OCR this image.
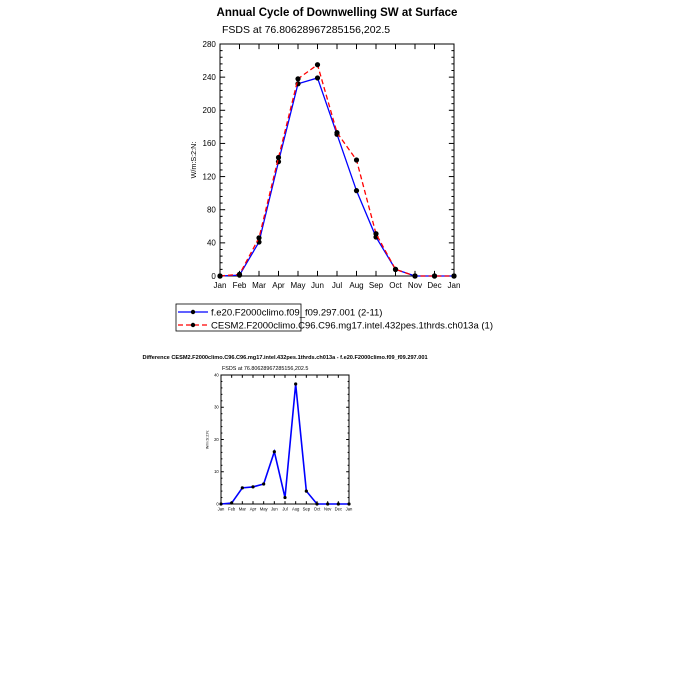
Annual Cycle of Downwelling SW at Surface
FSDS at 76.80628967285156,202.5
0
40
80
120
160
200
240
280
Jan Feb Mar Apr May Jun Jul Aug Sep Oct Nov Dec Jan
W/m:S:2:N:
f.e20.F2000climo.f09_f09.297.001 (2-11)
CESM2.F2000climo.C96.C96.mg17.intel.432pes.1thrds.ch013a (1)
Difference CESM2.F2000climo.C96.C96.mg17.intel.432pes.1thrds.ch013a - f.e20.F2000climo.f09_f09.297.001
FSDS at 76.80628967285156,202.5
0
10
20
30
40
Jan Feb Mar Apr May Jun Jul Aug Sep Oct Nov Dec Jan
W/m:S:2:N:
